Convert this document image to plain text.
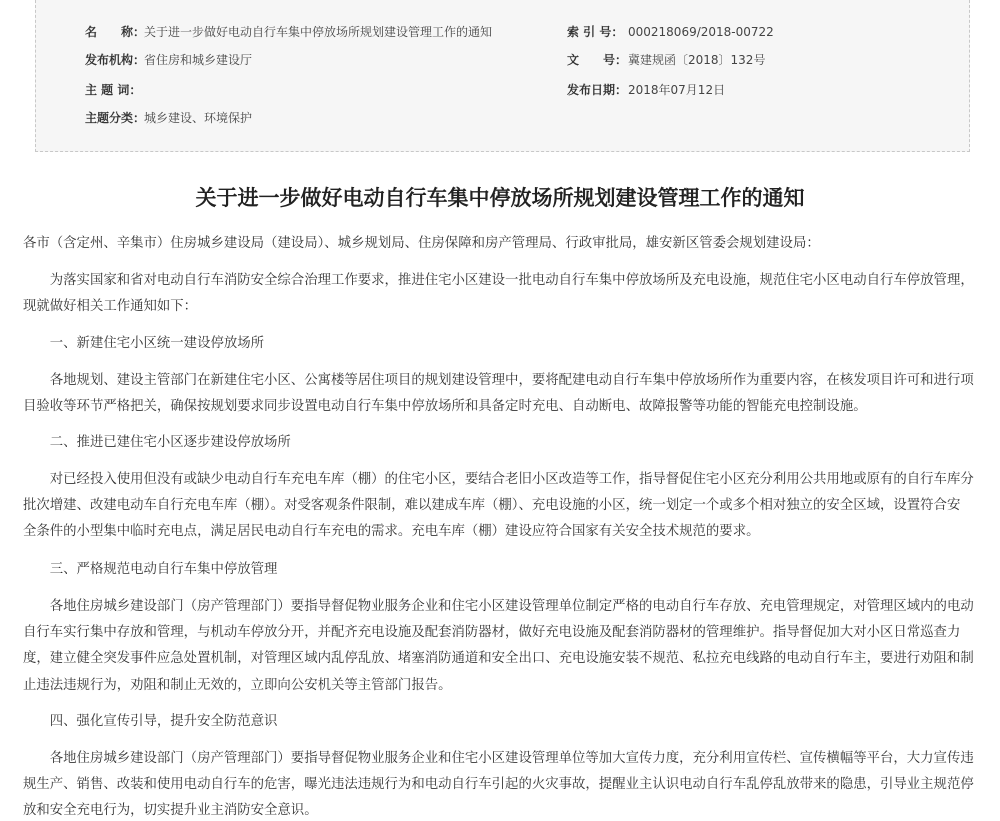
名　　称：关于进一步做好电动自行车集中停放场所规划建设管理工作的通知	索 引 号： 000218069/2018-00722
发布机构：省住房和城乡建设厅	文　　号：冀建规函〔2018〕132号
主 题 词：	发布日期：2018年07月12日
主题分类：城乡建设、环境保护
关于进一步做好电动自行车集中停放场所规划建设管理工作的通知
各市（含定州、辛集市）住房城乡建设局（建设局）、城乡规划局、住房保障和房产管理局、行政审批局，雄安新区管委会规划建设局：
　　为落实国家和省对电动自行车消防安全综合治理工作要求，推进住宅小区建设一批电动自行车集中停放场所及充电设施，规范住宅小区电动自行车停放管理，
现就做好相关工作通知如下：
　　一、新建住宅小区统一建设停放场所
　　各地规划、建设主管部门在新建住宅小区、公寓楼等居住项目的规划建设管理中，要将配建电动自行车集中停放场所作为重要内容，在核发项目许可和进行项
目验收等环节严格把关，确保按规划要求同步设置电动自行车集中停放场所和具备定时充电、自动断电、故障报警等功能的智能充电控制设施。
　　二、推进已建住宅小区逐步建设停放场所
　　对已经投入使用但没有或缺少电动自行车充电车库（棚）的住宅小区，要结合老旧小区改造等工作，指导督促住宅小区充分利用公共用地或原有的自行车库分
批次增建、改建电动车自行充电车库（棚）。对受客观条件限制，难以建成车库（棚）、充电设施的小区，统一划定一个或多个相对独立的安全区域，设置符合安
全条件的小型集中临时充电点，满足居民电动自行车充电的需求。充电车库（棚）建设应符合国家有关安全技术规范的要求。
　　三、严格规范电动自行车集中停放管理
　　各地住房城乡建设部门（房产管理部门）要指导督促物业服务企业和住宅小区建设管理单位制定严格的电动自行车存放、充电管理规定，对管理区域内的电动
自行车实行集中存放和管理，与机动车停放分开，并配齐充电设施及配套消防器材，做好充电设施及配套消防器材的管理维护。指导督促加大对小区日常巡查力
度，建立健全突发事件应急处置机制，对管理区域内乱停乱放、堵塞消防通道和安全出口、充电设施安装不规范、私拉充电线路的电动自行车主，要进行劝阻和制
止违法违规行为，劝阻和制止无效的，立即向公安机关等主管部门报告。
　　四、强化宣传引导，提升安全防范意识
　　各地住房城乡建设部门（房产管理部门）要指导督促物业服务企业和住宅小区建设管理单位等加大宣传力度，充分利用宣传栏、宣传横幅等平台，大力宣传违
规生产、销售、改装和使用电动自行车的危害，曝光违法违规行为和电动自行车引起的火灾事故，提醒业主认识电动自行车乱停乱放带来的隐患，引导业主规范停
放和安全充电行为，切实提升业主消防安全意识。
